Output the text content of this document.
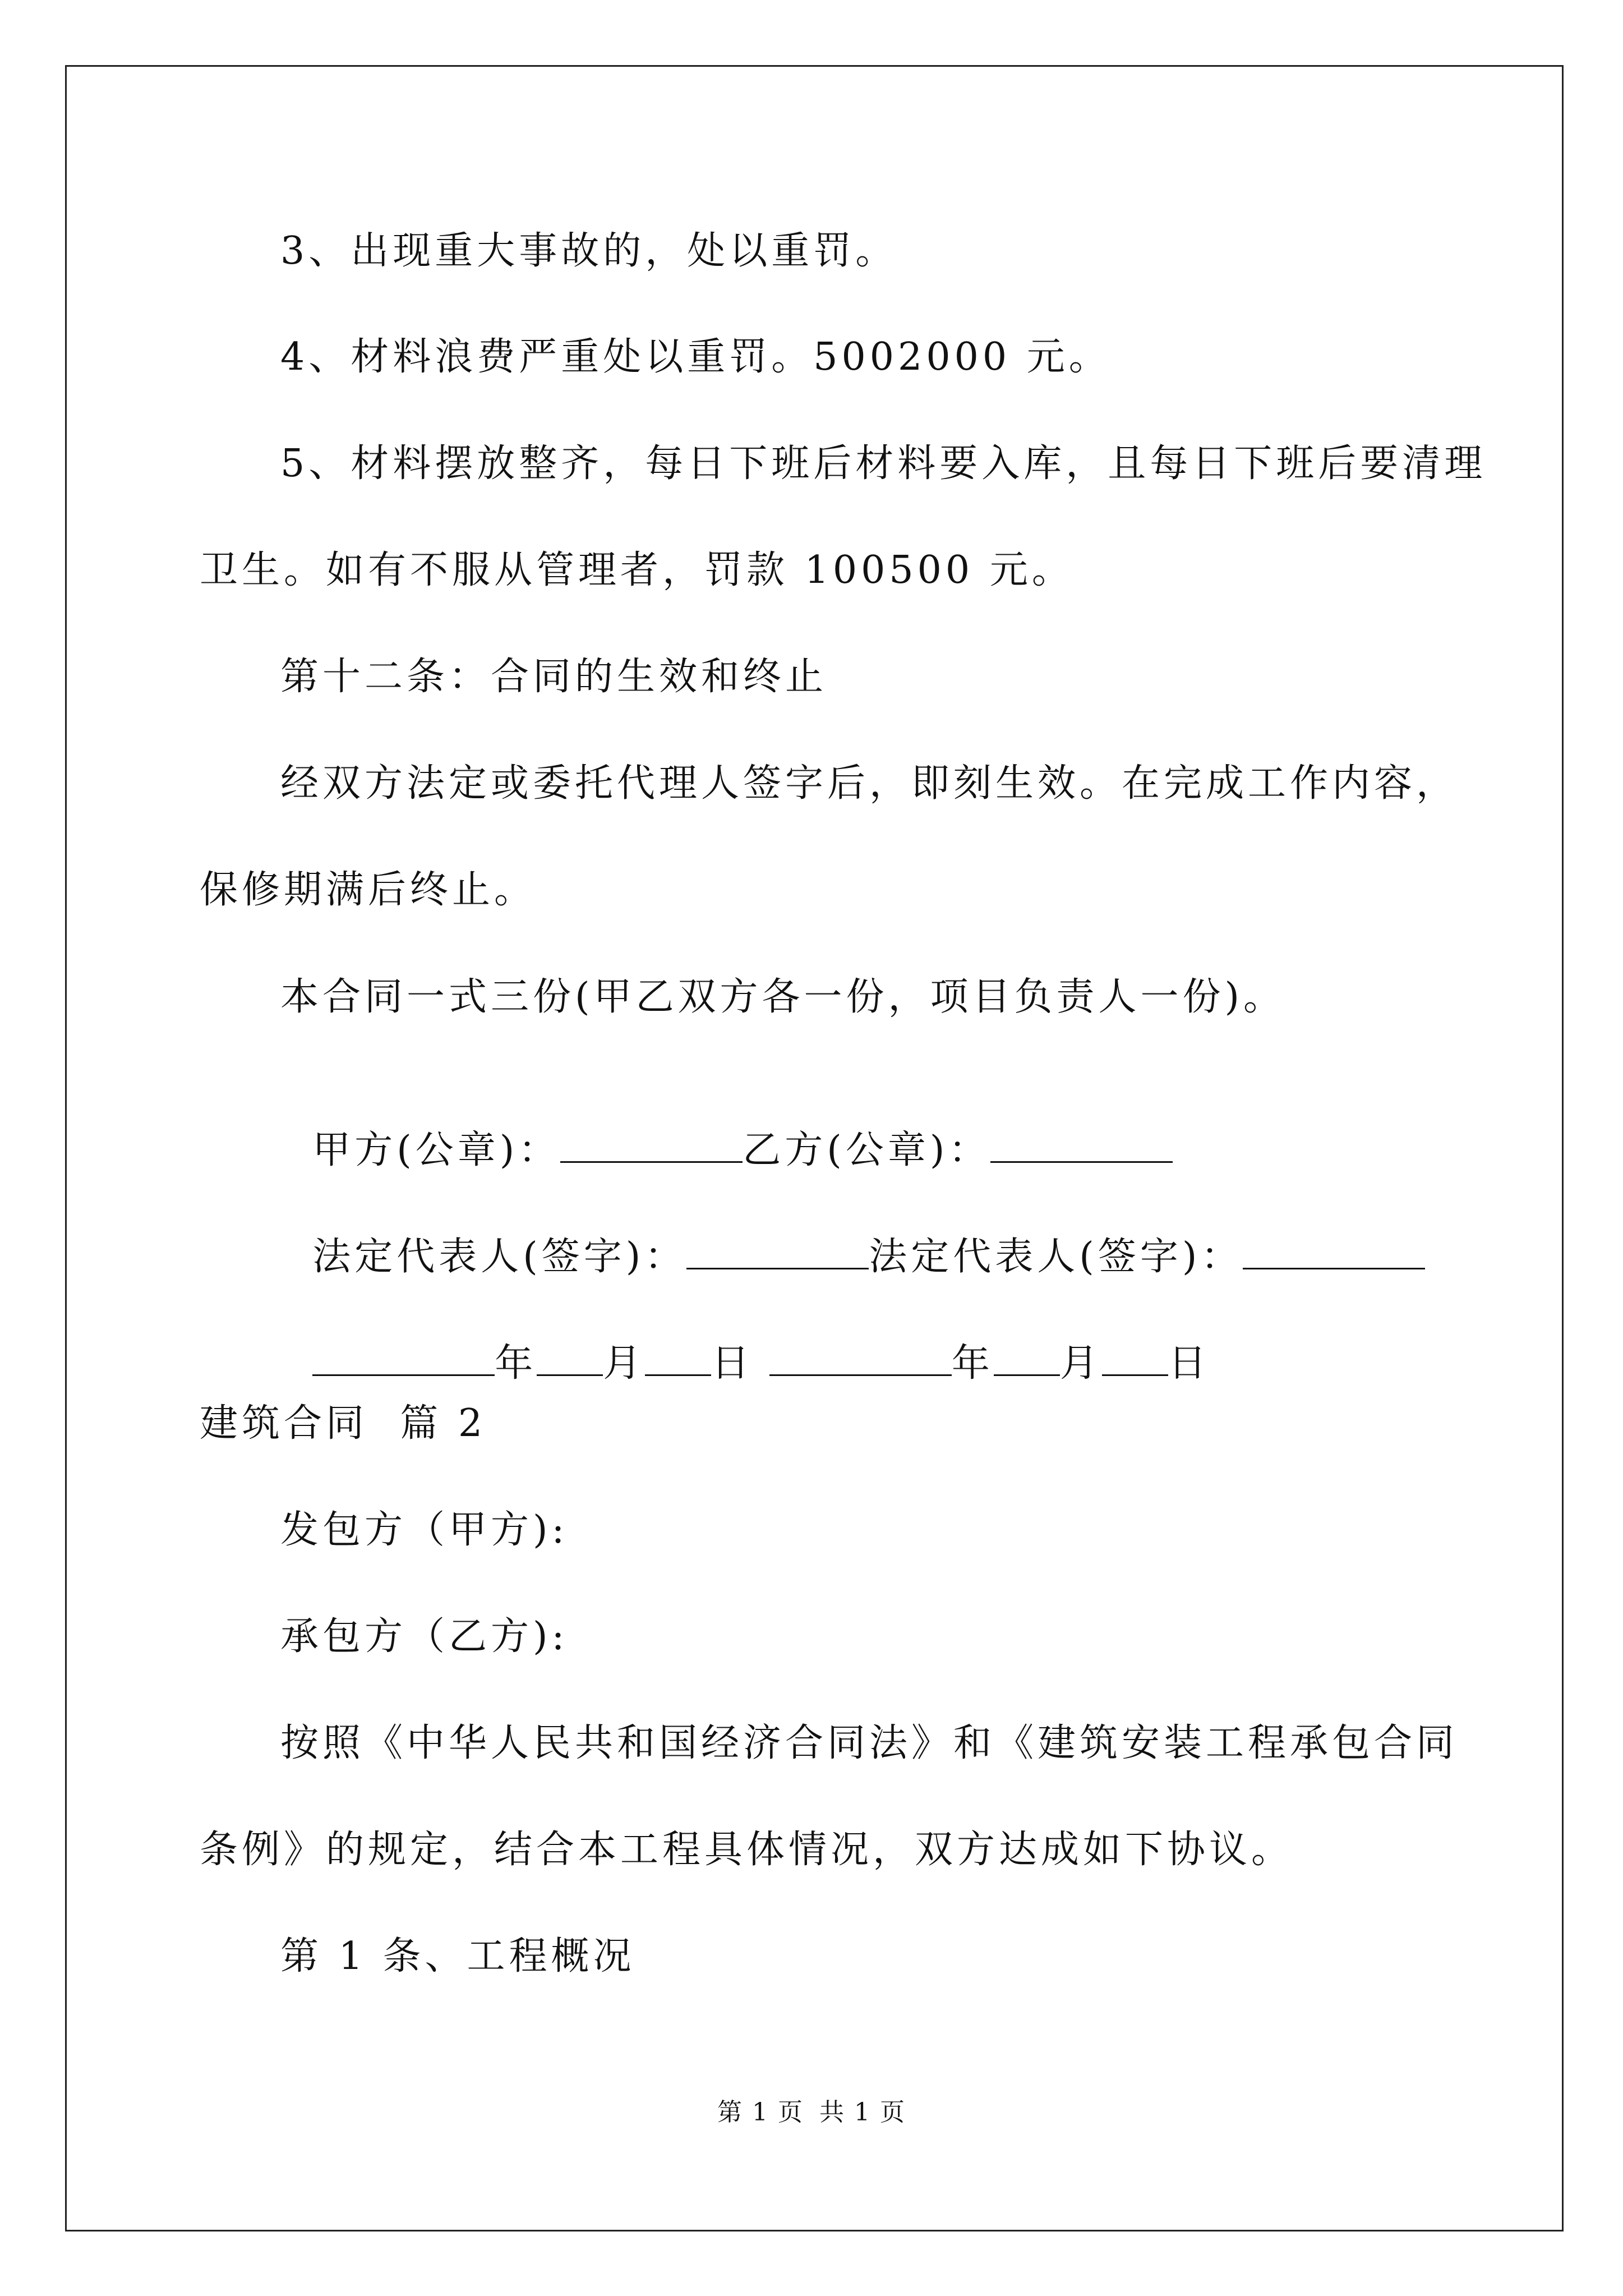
3、出现重大事故的，处以重罚。
4、材料浪费严重处以重罚。5002000 元。
5、材料摆放整齐，每日下班后材料要入库，且每日下班后要清理
卫生。如有不服从管理者，罚款 100500 元。
第十二条：合同的生效和终止
经双方法定或委托代理人签字后，即刻生效。在完成工作内容，
保修期满后终止。
本合同一式三份(甲乙双方各一份，项目负责人一份)。

甲方(公章)：	乙方(公章)：

法定代表人(签字)：	法定代表人(签字)：

年 月 日	年 月 日

建筑合同  篇 2
发包方（甲方):
承包方（乙方):
按照《中华人民共和国经济合同法》和《建筑安装工程承包合同
条例》的规定，结合本工程具体情况，双方达成如下协议。
第 1 条、工程概况
第 1 页 共 1 页
